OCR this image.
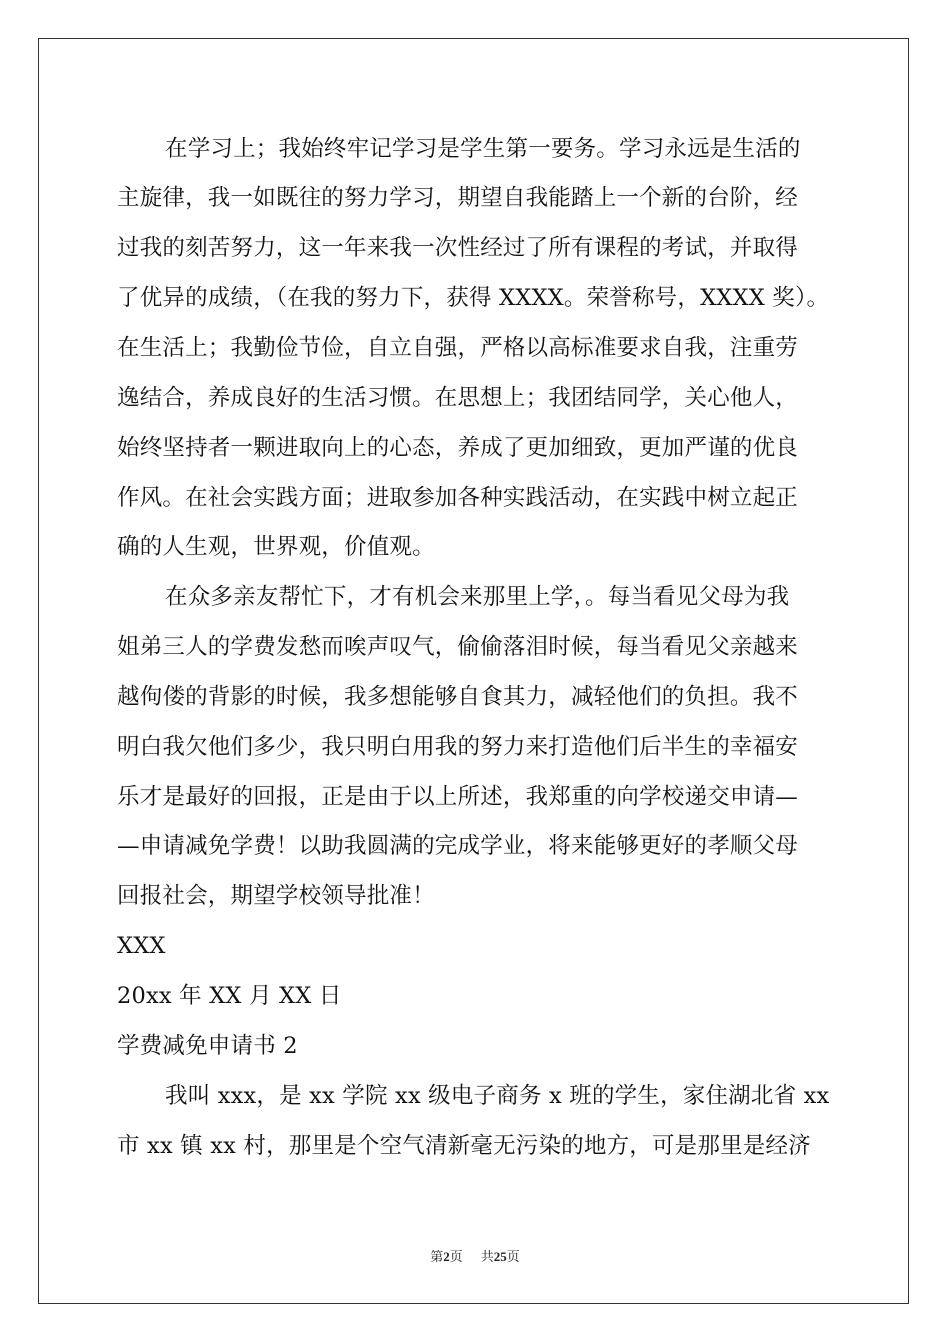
在学习上；我始终牢记学习是学生第一要务。学习永远是生活的
主旋律，我一如既往的努力学习，期望自我能踏上一个新的台阶，经
过我的刻苦努力，这一年来我一次性经过了所有课程的考试，并取得
了优异的成绩，（在我的努力下，获得 XXXX。荣誉称号，XXXX 奖）。
在生活上；我勤俭节俭，自立自强，严格以高标准要求自我，注重劳
逸结合，养成良好的生活习惯。在思想上；我团结同学，关心他人，
始终坚持者一颗进取向上的心态，养成了更加细致，更加严谨的优良
作风。在社会实践方面；进取参加各种实践活动，在实践中树立起正
确的人生观，世界观，价值观。
在众多亲友帮忙下，才有机会来那里上学，。每当看见父母为我
姐弟三人的学费发愁而唉声叹气，偷偷落泪时候，每当看见父亲越来
越佝偻的背影的时候，我多想能够自食其力，减轻他们的负担。我不
明白我欠他们多少，我只明白用我的努力来打造他们后半生的幸福安
乐才是最好的回报，正是由于以上所述，我郑重的向学校递交申请—
—申请减免学费！以助我圆满的完成学业，将来能够更好的孝顺父母
回报社会，期望学校领导批准！
XXX
20xx 年 XX 月 XX 日
学费减免申请书 2
我叫 xxx，是 xx 学院 xx 级电子商务 x 班的学生，家住湖北省 xx
市 xx 镇 xx 村，那里是个空气清新毫无污染的地方，可是那里是经济
第2页 共25页
